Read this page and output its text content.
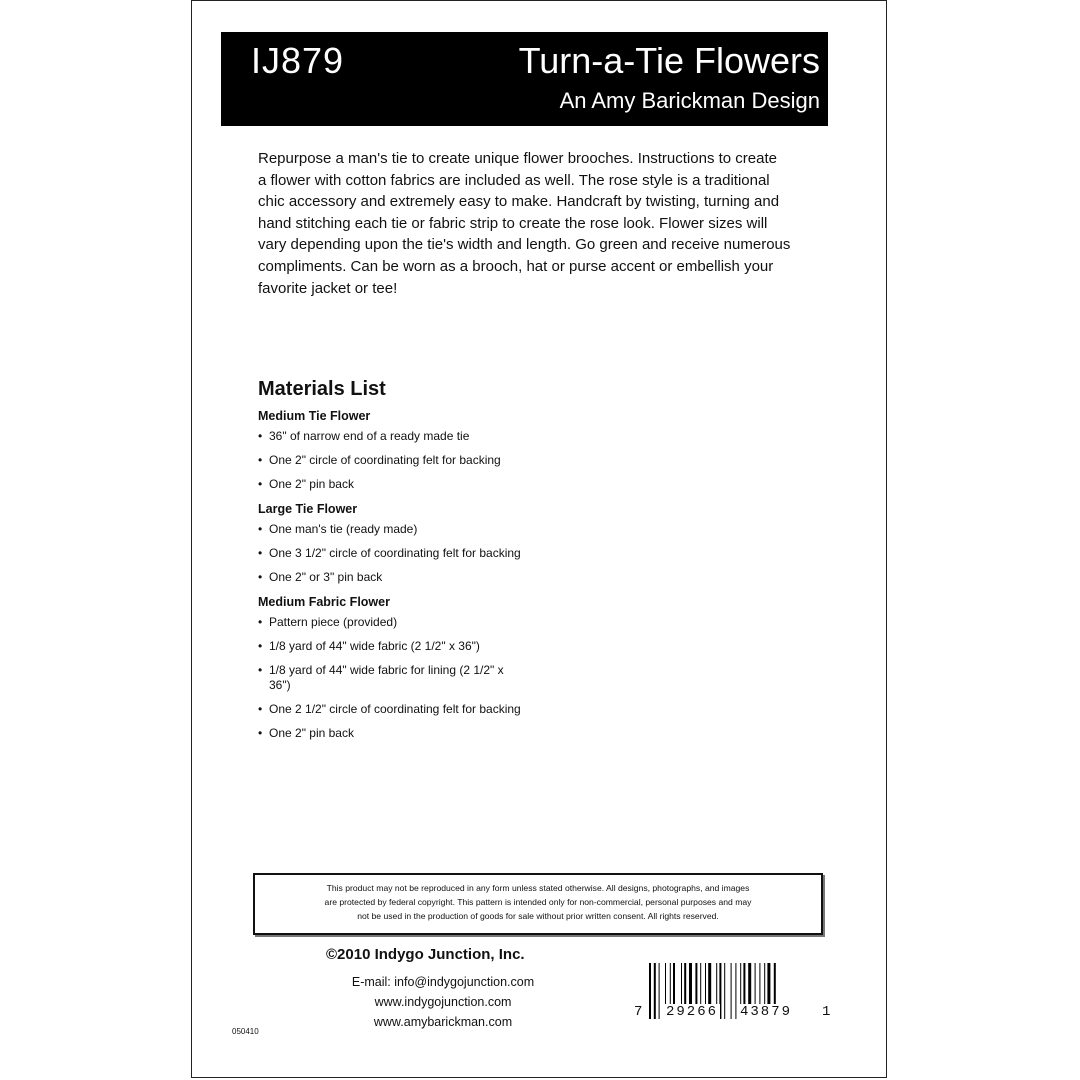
IJ879	Turn-a-Tie Flowers
An Amy Barickman Design
Repurpose a man's tie to create unique flower brooches. Instructions to create
a flower with cotton fabrics are included as well. The rose style is a traditional
chic accessory and extremely easy to make. Handcraft by twisting, turning and
hand stitching each tie or fabric strip to create the rose look. Flower sizes will
vary depending upon the tie's width and length. Go green and receive numerous
compliments. Can be worn as a brooch, hat or purse accent or embellish your
favorite jacket or tee!
Materials List
Medium Tie Flower
• 36" of narrow end of a ready made tie
• One 2" circle of coordinating felt for backing
• One 2" pin back
Large Tie Flower
• One man's tie (ready made)
• One 3 1/2" circle of coordinating felt for backing
• One 2" or 3" pin back
Medium Fabric Flower
• Pattern piece (provided)
• 1/8 yard of 44" wide fabric (2 1/2" x 36")
• 1/8 yard of 44" wide fabric for lining (2 1/2" x 36")
• One 2 1/2" circle of coordinating felt for backing
• One 2" pin back
This product may not be reproduced in any form unless stated otherwise. All designs, photographs, and images
are protected by federal copyright. This pattern is intended only for non-commercial, personal purposes and may
not be used in the production of goods for sale without prior written consent. All rights reserved.
©2010 Indygo Junction, Inc.
E-mail: info@indygojunction.com
www.indygojunction.com
www.amybarickman.com
050410
7 29266 43879 1
